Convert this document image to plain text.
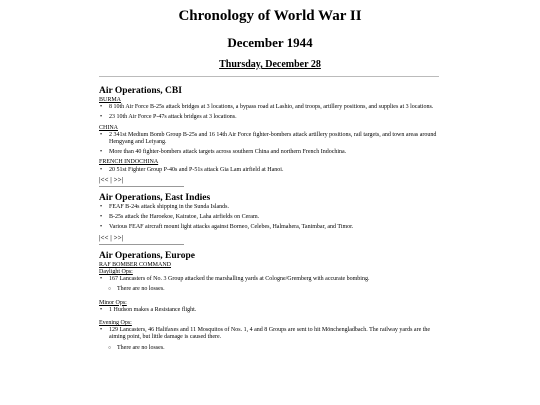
Chronology of World War II
December 1944
Thursday, December 28
Air Operations, CBI
BURMA
• 8 10th Air Force B-25s attack bridges at 3 locations, a bypass road at Lashio, and troops, artillery positions, and supplies at 3 locations.
• 23 10th Air Force P-47s attack bridges at 3 locations.
CHINA
• 2 341st Medium Bomb Group B-25s and 16 14th Air Force fighter-bombers attack artillery positions, rail targets, and town areas around Hengyang and Leiyang.
• More than 40 fighter-bombers attack targets across southern China and northern French Indochina.
FRENCH INDOCHINA
• 20 51st Fighter Group P-40s and P-51s attack Gia Lam airfield at Hanoi.
|<< | >>|
Air Operations, East Indies
• FEAF B-24s attack shipping in the Sunda Islands.
• B-25s attack the Haroekoe, Kairatoe, Laha airfields on Ceram.
• Various FEAF aircraft mount light attacks against Borneo, Celebes, Halmahera, Tanimbar, and Timor.
|<< | >>|
Air Operations, Europe
RAF BOMBER COMMAND
Daylight Ops:
• 167 Lancasters of No. 3 Group attacked the marshalling yards at Cologne/Gremberg with accurate bombing.
○ There are no losses.
Minor Ops:
• 1 Hudson makes a Resistance flight.
Evening Ops:
• 129 Lancasters, 46 Halifaxes and 11 Mosquitos of Nos. 1, 4 and 8 Groups are sent to hit Mönchengladbach. The railway yards are the aiming point, but little damage is caused there.
○ There are no losses.
